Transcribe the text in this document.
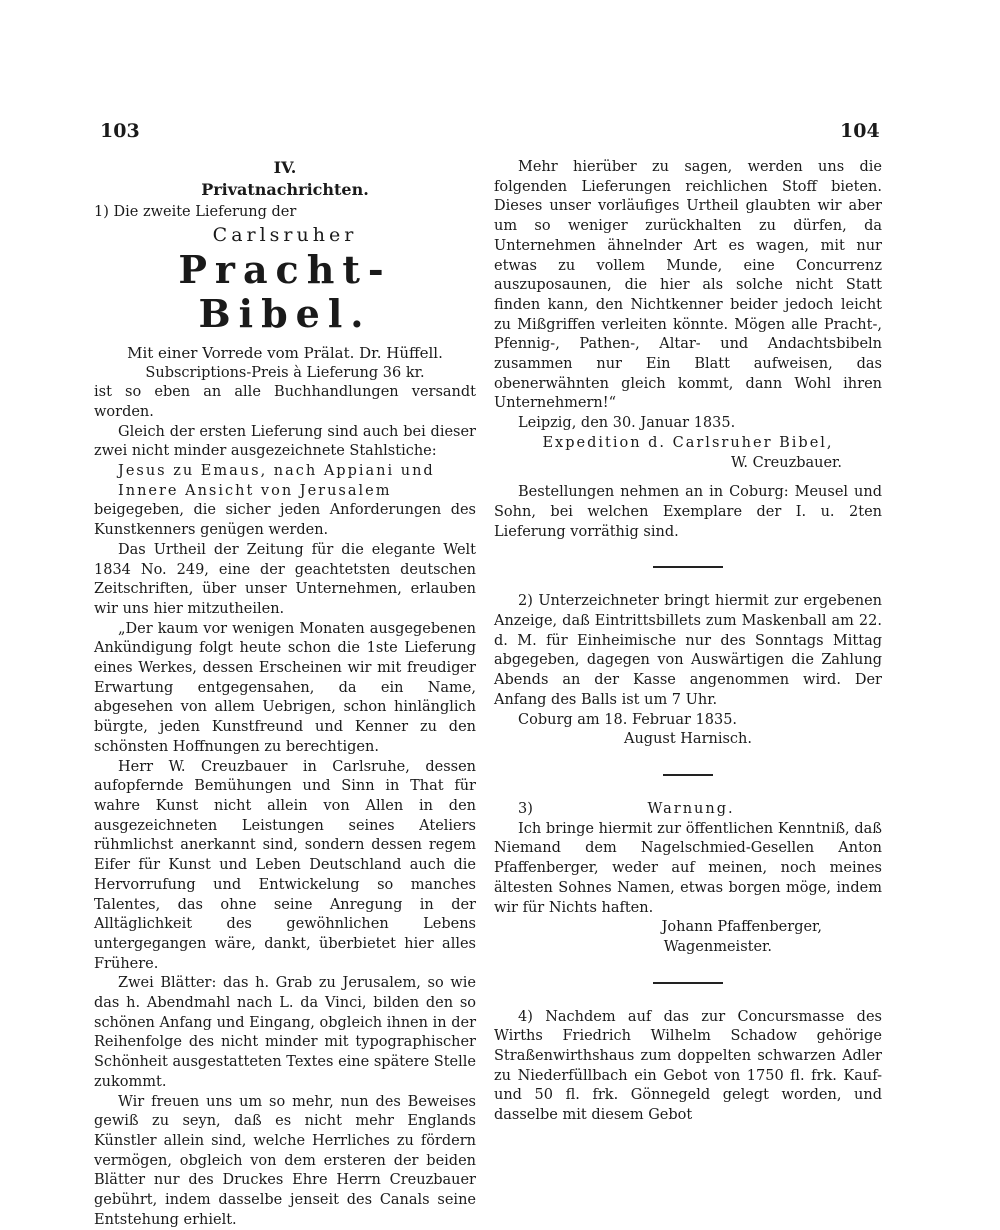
103	104

IV.

Privatnachrichten.

1) Die zweite Lieferung der

Carlsruher

Pracht-Bibel.

Mit einer Vorrede vom Prälat. Dr. Hüffell.

Subscriptions-Preis à Lieferung 36 kr.

ist so eben an alle Buchhandlungen versandt worden.

Gleich der ersten Lieferung sind auch bei dieser zwei nicht minder ausgezeichnete Stahlstiche:

Jesus zu Emaus, nach Appiani und

Innere Ansicht von Jerusalem

beigegeben, die sicher jeden Anforderungen des Kunstkenners genügen werden.

Das Urtheil der Zeitung für die elegante Welt 1834 No. 249, eine der geachtetsten deutschen Zeitschriften, über unser Unternehmen, erlauben wir uns hier mitzutheilen.

„Der kaum vor wenigen Monaten ausgegebenen Ankündigung folgt heute schon die 1ste Lieferung eines Werkes, dessen Erscheinen wir mit freudiger Erwartung entgegensahen, da ein Name, abgesehen von allem Uebrigen, schon hinlänglich bürgte, jeden Kunstfreund und Kenner zu den schönsten Hoffnungen zu berechtigen.

Herr W. Creuzbauer in Carlsruhe, dessen aufopfernde Bemühungen und Sinn in That für wahre Kunst nicht allein von Allen in den ausgezeichneten Leistungen seines Ateliers rühmlichst anerkannt sind, sondern dessen regem Eifer für Kunst und Leben Deutschland auch die Hervorrufung und Entwickelung so manches Talentes, das ohne seine Anregung in der Alltäglichkeit des gewöhnlichen Lebens untergegangen wäre, dankt, überbietet hier alles Frühere.

Zwei Blätter: das h. Grab zu Jerusalem, so wie das h. Abendmahl nach L. da Vinci, bilden den so schönen Anfang und Eingang, obgleich ihnen in der Reihenfolge des nicht minder mit typographischer Schönheit ausgestatteten Textes eine spätere Stelle zukommt.

Wir freuen uns um so mehr, nun des Beweises gewiß zu seyn, daß es nicht mehr Englands Künstler allein sind, welche Herrliches zu fördern vermögen, obgleich von dem ersteren der beiden Blätter nur des Druckes Ehre Herrn Creuzbauer gebührt, indem dasselbe jenseit des Canals seine Entstehung erhielt.

Mehr hierüber zu sagen, werden uns die folgenden Lieferungen reichlichen Stoff bieten. Dieses unser vorläufiges Urtheil glaubten wir aber um so weniger zurückhalten zu dürfen, da Unternehmen ähnelnder Art es wagen, mit nur etwas zu vollem Munde, eine Concurrenz auszuposaunen, die hier als solche nicht Statt finden kann, den Nichtkenner beider jedoch leicht zu Mißgriffen verleiten könnte. Mögen alle Pracht-, Pfennig-, Pathen-, Altar- und Andachtsbibeln zusammen nur Ein Blatt aufweisen, das obenerwähnten gleich kommt, dann Wohl ihren Unternehmern!“

Leipzig, den 30. Januar 1835.

Expedition d. Carlsruher Bibel,

W. Creuzbauer.

Bestellungen nehmen an in Coburg: Meusel und Sohn, bei welchen Exemplare der I. u. 2ten Lieferung vorräthig sind.

2) Unterzeichneter bringt hiermit zur ergebenen Anzeige, daß Eintrittsbillets zum Maskenball am 22. d. M. für Einheimische nur des Sonntags Mittag abgegeben, dagegen von Auswärtigen die Zahlung Abends an der Kasse angenommen wird. Der Anfang des Balls ist um 7 Uhr.

Coburg am 18. Februar 1835.

August Harnisch.

3)	Warnung.

Ich bringe hiermit zur öffentlichen Kenntniß, daß Niemand dem Nagelschmied-Gesellen Anton Pfaffenberger, weder auf meinen, noch meines ältesten Sohnes Namen, etwas borgen möge, indem wir für Nichts haften.

Johann Pfaffenberger,

Wagenmeister.

4) Nachdem auf das zur Concursmasse des Wirths Friedrich Wilhelm Schadow gehörige Straßenwirthshaus zum doppelten schwarzen Adler zu Niederfüllbach ein Gebot von 1750 fl. frk. Kauf- und 50 fl. frk. Gönnegeld gelegt worden, und dasselbe mit diesem Gebot
